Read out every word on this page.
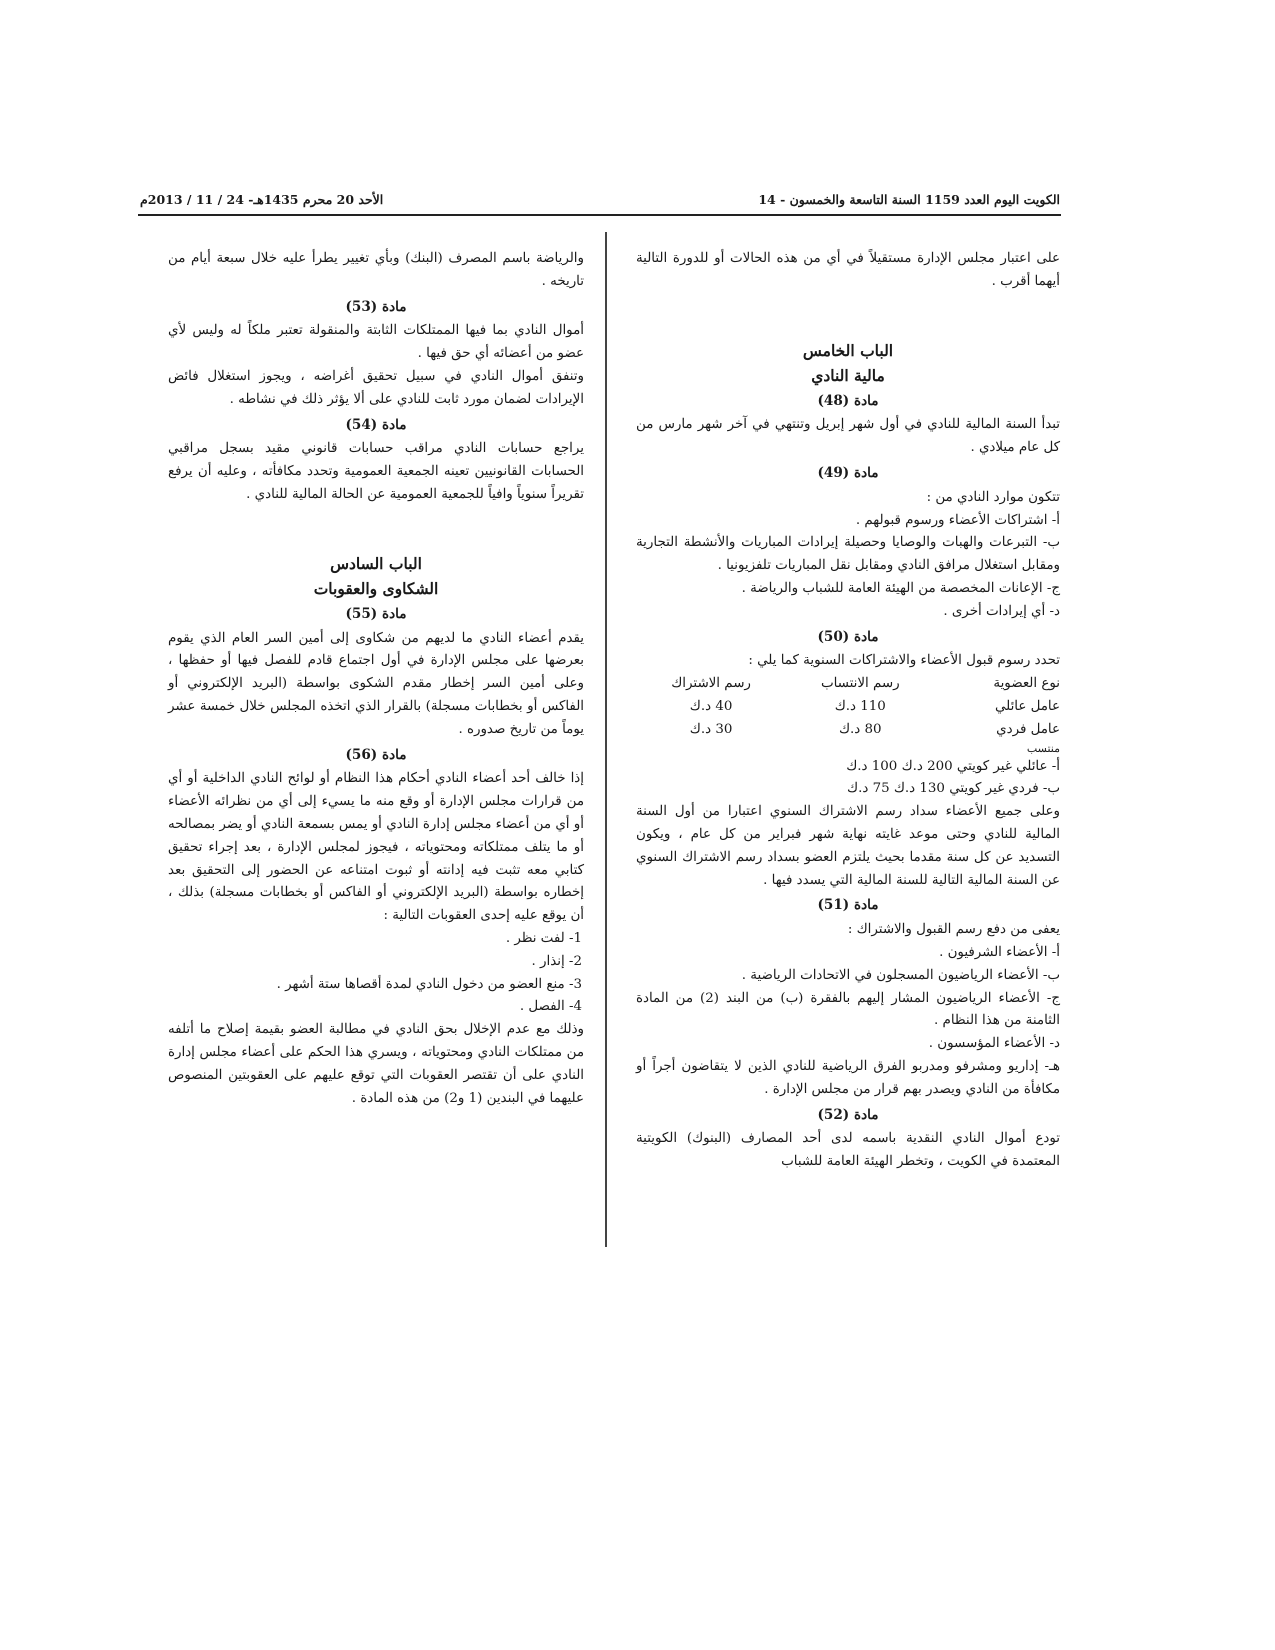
الكويت اليوم العدد 1159 السنة التاسعة والخمسون - 14
الأحد 20 محرم 1435هـ- 24 / 11 / 2013م

على اعتبار مجلس الإدارة مستقيلاً في أي من هذه الحالات أو للدورة التالية أيهما أقرب .

الباب الخامس
مالية النادي
مادة (48)

تبدأ السنة المالية للنادي في أول شهر إبريل وتنتهي في آخر شهر مارس من كل عام ميلادي .

مادة (49)

تتكون موارد النادي من :

أ- اشتراكات الأعضاء ورسوم قبولهم .

ب- التبرعات والهبات والوصايا وحصيلة إيرادات المباريات والأنشطة التجارية ومقابل استغلال مرافق النادي ومقابل نقل المباريات تلفزيونيا .

ج- الإعانات المخصصة من الهيئة العامة للشباب والرياضة .

د- أي إيرادات أخرى .

مادة (50)

تحدد رسوم قبول الأعضاء والاشتراكات السنوية كما يلي :

نوع العضوية	رسم الانتساب	رسم الاشتراك
عامل عائلي	110 د.ك	40 د.ك
عامل فردي	80 د.ك	30 د.ك

منتسب

أ- عائلي غير كويتي 200 د.ك 100 د.ك

ب- فردي غير كويتي 130 د.ك 75 د.ك

وعلى جميع الأعضاء سداد رسم الاشتراك السنوي اعتبارا من أول السنة المالية للنادي وحتى موعد غايته نهاية شهر فبراير من كل عام ، ويكون التسديد عن كل سنة مقدما بحيث يلتزم العضو بسداد رسم الاشتراك السنوي عن السنة المالية التالية للسنة المالية التي يسدد فيها .

مادة (51)

يعفى من دفع رسم القبول والاشتراك :

أ- الأعضاء الشرفيون .

ب- الأعضاء الرياضيون المسجلون في الاتحادات الرياضية .

ج- الأعضاء الرياضيون المشار إليهم بالفقرة (ب) من البند (2) من المادة الثامنة من هذا النظام .

د- الأعضاء المؤسسون .

هـ- إداريو ومشرفو ومدربو الفرق الرياضية للنادي الذين لا يتقاضون أجراً أو مكافأة من النادي ويصدر بهم قرار من مجلس الإدارة .

مادة (52)

تودع أموال النادي النقدية باسمه لدى أحد المصارف (البنوك) الكويتية المعتمدة في الكويت ، وتخطر الهيئة العامة للشباب

والرياضة باسم المصرف (البنك) وبأي تغيير يطرأ عليه خلال سبعة أيام من تاريخه .

مادة (53)

أموال النادي بما فيها الممتلكات الثابتة والمنقولة تعتبر ملكاً له وليس لأي عضو من أعضائه أي حق فيها .

وتنفق أموال النادي في سبيل تحقيق أغراضه ، ويجوز استغلال فائض الإيرادات لضمان مورد ثابت للنادي على ألا يؤثر ذلك في نشاطه .

مادة (54)

يراجع حسابات النادي مراقب حسابات قانوني مقيد بسجل مراقبي الحسابات القانونيين تعينه الجمعية العمومية وتحدد مكافأته ، وعليه أن يرفع تقريراً سنوياً وافياً للجمعية العمومية عن الحالة المالية للنادي .

الباب السادس
الشكاوى والعقوبات
مادة (55)

يقدم أعضاء النادي ما لديهم من شكاوى إلى أمين السر العام الذي يقوم بعرضها على مجلس الإدارة في أول اجتماع قادم للفصل فيها أو حفظها ، وعلى أمين السر إخطار مقدم الشكوى بواسطة (البريد الإلكتروني أو الفاكس أو بخطابات مسجلة) بالقرار الذي اتخذه المجلس خلال خمسة عشر يوماً من تاريخ صدوره .

مادة (56)

إذا خالف أحد أعضاء النادي أحكام هذا النظام أو لوائح النادي الداخلية أو أي من قرارات مجلس الإدارة أو وقع منه ما يسيء إلى أي من نظرائه الأعضاء أو أي من أعضاء مجلس إدارة النادي أو يمس بسمعة النادي أو يضر بمصالحه أو ما يتلف ممتلكاته ومحتوياته ، فيجوز لمجلس الإدارة ، بعد إجراء تحقيق كتابي معه تثبت فيه إدانته أو ثبوت امتناعه عن الحضور إلى التحقيق بعد إخطاره بواسطة (البريد الإلكتروني أو الفاكس أو بخطابات مسجلة) بذلك ، أن يوقع عليه إحدى العقوبات التالية :

1- لفت نظر .

2- إنذار .

3- منع العضو من دخول النادي لمدة أقصاها ستة أشهر .

4- الفصل .

وذلك مع عدم الإخلال بحق النادي في مطالبة العضو بقيمة إصلاح ما أتلفه من ممتلكات النادي ومحتوياته ، ويسري هذا الحكم على أعضاء مجلس إدارة النادي على أن تقتصر العقوبات التي توقع عليهم على العقوبتين المنصوص عليهما في البندين (1 و2) من هذه المادة .
